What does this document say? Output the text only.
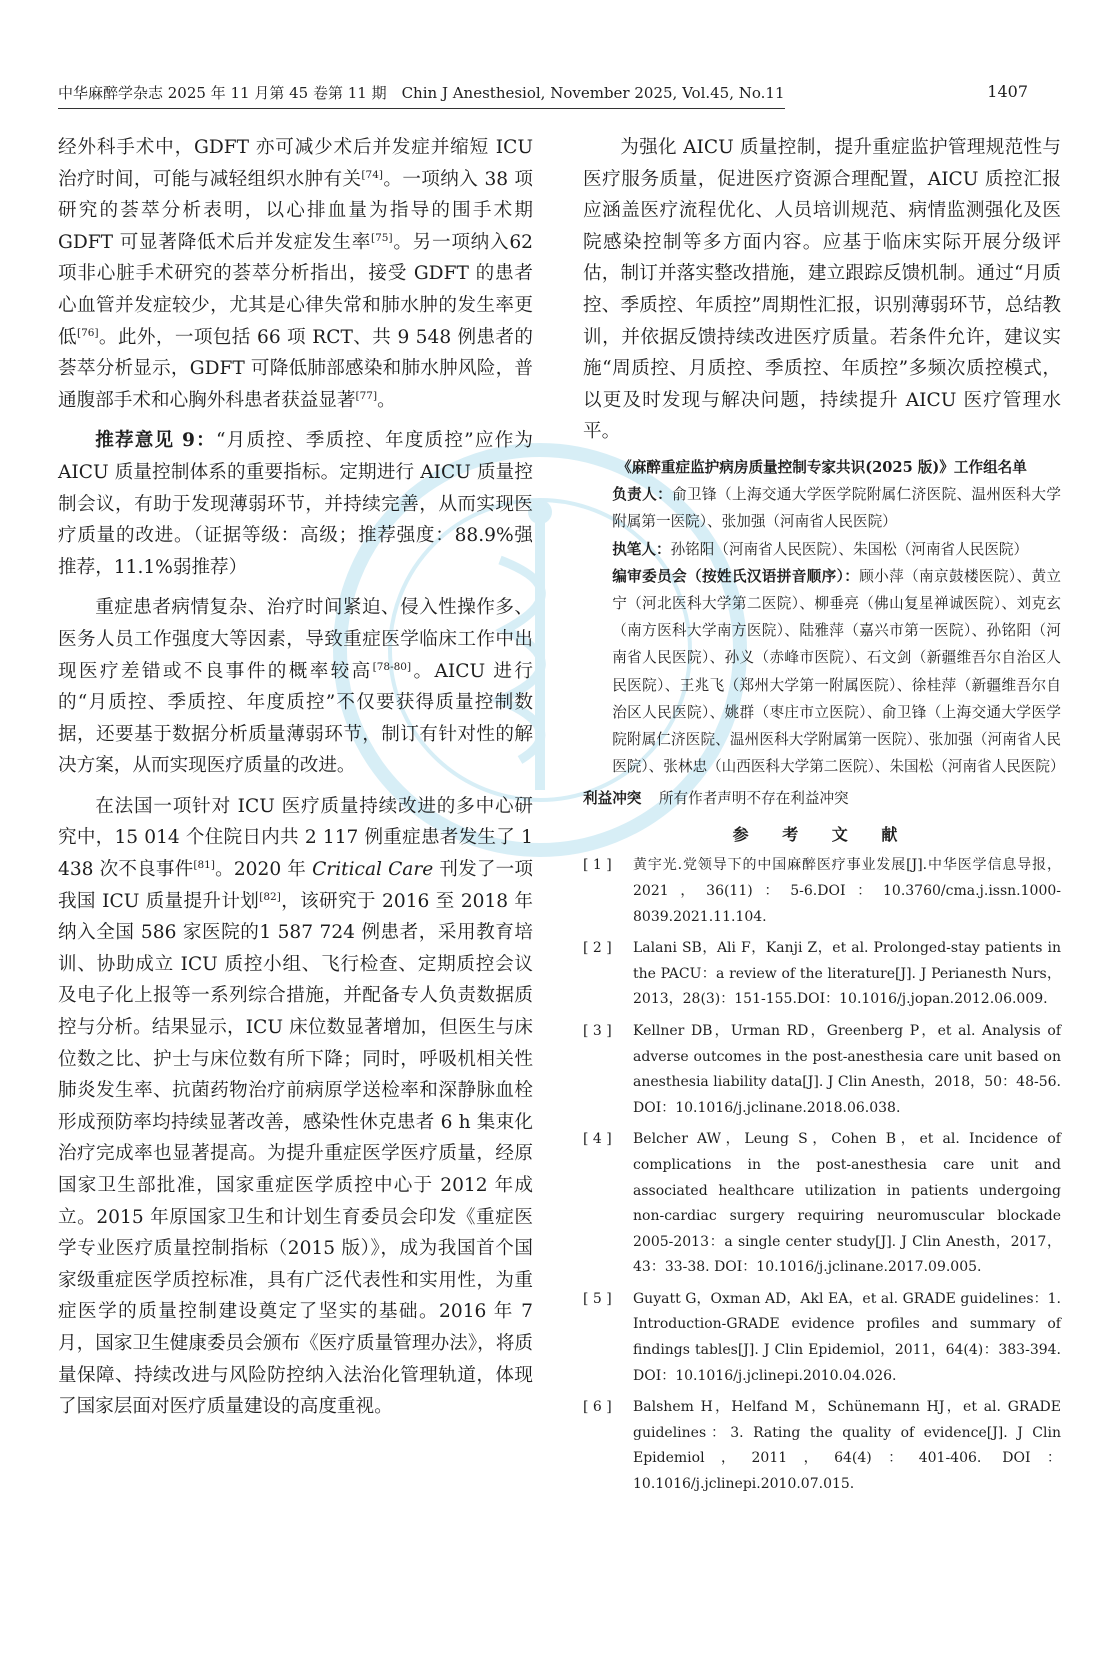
中华麻醉学杂志 2025 年 11 月第 45 卷第 11 期　Chin J Anesthesiol, November 2025, Vol.45, No.11	1407

经外科手术中，GDFT 亦可减少术后并发症并缩短 ICU 治疗时间，可能与减轻组织水肿有关[74]。一项纳入 38 项研究的荟萃分析表明，以心排血量为指导的围手术期 GDFT 可显著降低术后并发症发生率[75]。另一项纳入62 项非心脏手术研究的荟萃分析指出，接受 GDFT 的患者心血管并发症较少，尤其是心律失常和肺水肿的发生率更低[76]。此外，一项包括 66 项 RCT、共 9 548 例患者的荟萃分析显示，GDFT 可降低肺部感染和肺水肿风险，普通腹部手术和心胸外科患者获益显著[77]。

推荐意见 9：“月质控、季质控、年度质控”应作为 AICU 质量控制体系的重要指标。定期进行 AICU 质量控制会议，有助于发现薄弱环节，并持续完善，从而实现医疗质量的改进。（证据等级：高级；推荐强度：88.9%强推荐，11.1%弱推荐）

重症患者病情复杂、治疗时间紧迫、侵入性操作多、医务人员工作强度大等因素，导致重症医学临床工作中出现医疗差错或不良事件的概率较高[78-80]。AICU 进行的“月质控、季质控、年度质控”不仅要获得质量控制数据，还要基于数据分析质量薄弱环节，制订有针对性的解决方案，从而实现医疗质量的改进。

在法国一项针对 ICU 医疗质量持续改进的多中心研究中，15 014 个住院日内共 2 117 例重症患者发生了 1 438 次不良事件[81]。2020 年 Critical Care 刊发了一项我国 ICU 质量提升计划[82]，该研究于 2016 至 2018 年纳入全国 586 家医院的1 587 724 例患者，采用教育培训、协助成立 ICU 质控小组、飞行检查、定期质控会议及电子化上报等一系列综合措施，并配备专人负责数据质控与分析。结果显示，ICU 床位数显著增加，但医生与床位数之比、护士与床位数有所下降；同时，呼吸机相关性肺炎发生率、抗菌药物治疗前病原学送检率和深静脉血栓形成预防率均持续显著改善，感染性休克患者 6 h 集束化治疗完成率也显著提高。为提升重症医学医疗质量，经原国家卫生部批准，国家重症医学质控中心于 2012 年成立。2015 年原国家卫生和计划生育委员会印发《重症医学专业医疗质量控制指标（2015 版）》，成为我国首个国家级重症医学质控标准，具有广泛代表性和实用性，为重症医学的质量控制建设奠定了坚实的基础。2016 年 7 月，国家卫生健康委员会颁布《医疗质量管理办法》，将质量保障、持续改进与风险防控纳入法治化管理轨道，体现了国家层面对医疗质量建设的高度重视。

为强化 AICU 质量控制，提升重症监护管理规范性与医疗服务质量，促进医疗资源合理配置，AICU 质控汇报应涵盖医疗流程优化、人员培训规范、病情监测强化及医院感染控制等多方面内容。应基于临床实际开展分级评估，制订并落实整改措施，建立跟踪反馈机制。通过“月质控、季质控、年质控”周期性汇报，识别薄弱环节，总结教训，并依据反馈持续改进医疗质量。若条件允许，建议实施“周质控、月质控、季质控、年质控”多频次质控模式，以更及时发现与解决问题，持续提升 AICU 医疗管理水平。

《麻醉重症监护病房质量控制专家共识(2025 版)》工作组名单
负责人：俞卫锋（上海交通大学医学院附属仁济医院、温州医科大学附属第一医院）、张加强（河南省人民医院）
执笔人：孙铭阳（河南省人民医院）、朱国松（河南省人民医院）
编审委员会（按姓氏汉语拼音顺序）：顾小萍（南京鼓楼医院）、黄立宁（河北医科大学第二医院）、柳垂亮（佛山复星禅诚医院）、刘克玄（南方医科大学南方医院）、陆雅萍（嘉兴市第一医院）、孙铭阳（河南省人民医院）、孙义（赤峰市医院）、石文剑（新疆维吾尔自治区人民医院）、王兆飞（郑州大学第一附属医院）、徐桂萍（新疆维吾尔自治区人民医院）、姚群（枣庄市立医院）、俞卫锋（上海交通大学医学院附属仁济医院、温州医科大学附属第一医院）、张加强（河南省人民医院）、张林忠（山西医科大学第二医院）、朱国松（河南省人民医院）
利益冲突 所有作者声明不存在利益冲突
参 考 文 献
[ 1 ]	黄宇光.党领导下的中国麻醉医疗事业发展[J].中华医学信息导报，2021，36(11)：5-6.DOI：10.3760/cma.j.issn.1000-8039.2021.11.104.
[ 2 ]	Lalani SB，Ali F，Kanji Z，et al. Prolonged-stay patients in the PACU：a review of the literature[J]. J Perianesth Nurs，2013，28(3)：151-155.DOI：10.1016/j.jopan.2012.06.009.
[ 3 ]	Kellner DB，Urman RD，Greenberg P，et al. Analysis of adverse outcomes in the post-anesthesia care unit based on anesthesia liability data[J]. J Clin Anesth，2018，50：48-56. DOI：10.1016/j.jclinane.2018.06.038.
[ 4 ]	Belcher AW，Leung S，Cohen B，et al. Incidence of complications in the post-anesthesia care unit and associated healthcare utilization in patients undergoing non-cardiac surgery requiring neuromuscular blockade 2005-2013：a single center study[J]. J Clin Anesth，2017，43：33-38. DOI：10.1016/j.jclinane.2017.09.005.
[ 5 ]	Guyatt G，Oxman AD，Akl EA，et al. GRADE guidelines：1. Introduction-GRADE evidence profiles and summary of findings tables[J]. J Clin Epidemiol，2011，64(4)：383-394. DOI：10.1016/j.jclinepi.2010.04.026.
[ 6 ]	Balshem H，Helfand M，Schünemann HJ，et al. GRADE guidelines：3. Rating the quality of evidence[J]. J Clin Epidemiol，2011，64(4)：401-406. DOI：10.1016/j.jclinepi.2010.07.015.
